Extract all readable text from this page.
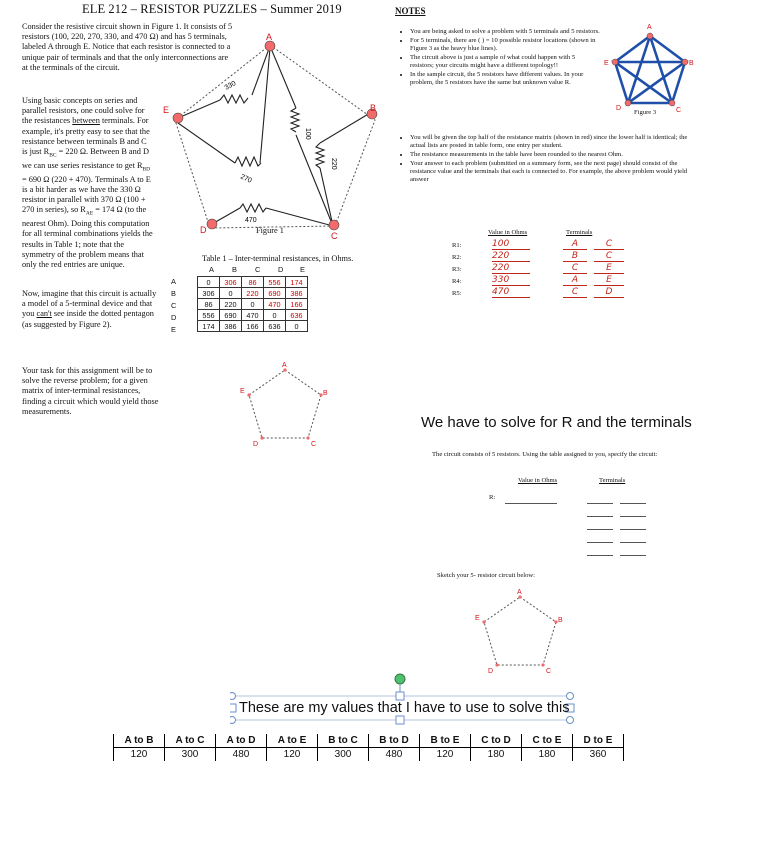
ELE 212 – RESISTOR PUZZLES – Summer 2019	NOTES
Consider the resistive circuit shown in Figure 1. It consists of 5 resistors (100, 220, 270, 330, and 470 Ω) and has 5 terminals, labeled A through E. Notice that each resistor is connected to a unique pair of terminals and that the only interconnections are at the terminals of the circuit.
Using basic concepts on series and parallel resistors, one could solve for the resistances between terminals. For example, it's pretty easy to see that the resistance between terminals B and C is just $R_{BC} = 220$ Ω. Between B and D we can use series resistance to get $R_{BD} = 690$ Ω (220 + 470). Terminals A to E is a bit harder as we have the 330 Ω resistor in parallel with 370 Ω (100 + 270 in series), so $R_{AE} = 174$ Ω (to the nearest Ohm). Doing this computation for all terminal combinations yields the results in Table 1; note that the symmetry of the problem means that only the red entries are unique.
Now, imagine that this circuit is actually a model of a 5-terminal device and that you can't see inside the dotted pentagon (as suggested by Figure 2).
Your task for this assignment will be to solve the reverse problem; for a given matrix of inter-terminal resistances, finding a circuit which would yield those measurements.
330
100
220
270
470
A
B
C
D
E
Figure 1
Table 1 – Inter-terminal resistances, in Ohms.
A B C D E
A
B
C
D
E
0	306	86	556	174
306	0	220	690	386
86	220	0	470	166
556	690	470	0	636
174	386	166	636	0
A
B
C
D
E
• You are being asked to solve a problem with 5 terminals and 5 resistors.
• For 5 terminals, there are ( ) = 10 possible resistor locations (shown in Figure 3 as the heavy blue lines).
• The circuit above is just a sample of what could happen with 5 resistors; your circuits might have a different topology!!
• In the sample circuit, the 5 resistors have different values. In your problem, the 5 resistors have the same but unknown value R.
• You will be given the top half of the resistance matrix (shown in red) since the lower half is identical; the actual lists are posted in table form, one entry per student.
• The resistance measurements in the table have been rounded to the nearest Ohm.
• Your answer to each problem (submitted on a summary form, see the next page) should consist of the resistance value and the terminals that each is connected to. For example, the above problem would yield answer
A
B
C
D
E
Figure 3
Value in Ohms	Terminals
R1:	100	A	C
R2:	220	B	C
R3:	220	C	E
R4:	330	A	E
R5:	470	C	D
We have to solve for R and the terminals
The circuit consists of 5 resistors. Using the table assigned to you, specify the circuit:
Value in Ohms	Terminals
R:
Sketch your 5- resistor circuit below:
A
B
C
D
E
These are my values that I have to use to solve this
A to B	A to C	A to D	A to E	B to C	B to D	B to E	C to D	C to E	D to E
120	300	480	120	300	480	120	180	180	360
